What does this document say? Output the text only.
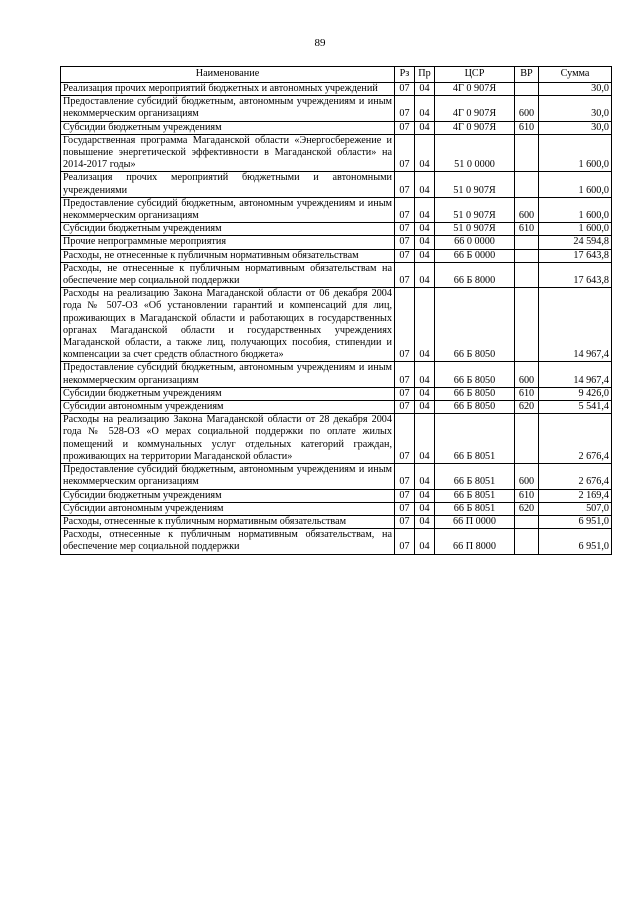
89
Наименование	Рз	Пр	ЦСР	ВР	Сумма
Реализация прочих мероприятий бюджетных и автономных учреждений	07	04	4Г 0 907Я		30,0
Предоставление субсидий бюджетным, автономным учреждениям и иным некоммерческим организациям	07	04	4Г 0 907Я	600	30,0
Субсидии бюджетным учреждениям	07	04	4Г 0 907Я	610	30,0
Государственная программа Магаданской области «Энергосбережение и повышение энергетической эффективности в Магаданской области» на 2014-2017 годы»	07	04	51 0 0000		1 600,0
Реализация прочих мероприятий бюджетными и автономными учреждениями	07	04	51 0 907Я		1 600,0
Предоставление субсидий бюджетным, автономным учреждениям и иным некоммерческим организациям	07	04	51 0 907Я	600	1 600,0
Субсидии бюджетным учреждениям	07	04	51 0 907Я	610	1 600,0
Прочие непрограммные мероприятия	07	04	66 0 0000		24 594,8
Расходы, не отнесенные к публичным нормативным обязательствам	07	04	66 Б 0000		17 643,8
Расходы, не отнесенные к публичным нормативным обязательствам на обеспечение мер социальной поддержки	07	04	66 Б 8000		17 643,8
Расходы на реализацию Закона Магаданской области от 06 декабря 2004 года № 507-ОЗ «Об установлении гарантий и компенсаций для лиц, проживающих в Магаданской области и работающих в государственных органах Магаданской области и государственных учреждениях Магаданской области, а также лиц, получающих пособия, стипендии и компенсации за счет средств областного бюджета»	07	04	66 Б 8050		14 967,4
Предоставление субсидий бюджетным, автономным учреждениям и иным некоммерческим организациям	07	04	66 Б 8050	600	14 967,4
Субсидии бюджетным учреждениям	07	04	66 Б 8050	610	9 426,0
Субсидии автономным учреждениям	07	04	66 Б 8050	620	5 541,4
Расходы на реализацию Закона Магаданской области от 28 декабря 2004 года № 528-ОЗ «О мерах социальной поддержки по оплате жилых помещений и коммунальных услуг отдельных категорий граждан, проживающих на территории Магаданской области»	07	04	66 Б 8051		2 676,4
Предоставление субсидий бюджетным, автономным учреждениям и иным некоммерческим организациям	07	04	66 Б 8051	600	2 676,4
Субсидии бюджетным учреждениям	07	04	66 Б 8051	610	2 169,4
Субсидии автономным учреждениям	07	04	66 Б 8051	620	507,0
Расходы, отнесенные к публичным нормативным обязательствам	07	04	66 П 0000		6 951,0
Расходы, отнесенные к публичным нормативным обязательствам, на обеспечение мер социальной поддержки	07	04	66 П 8000		6 951,0
